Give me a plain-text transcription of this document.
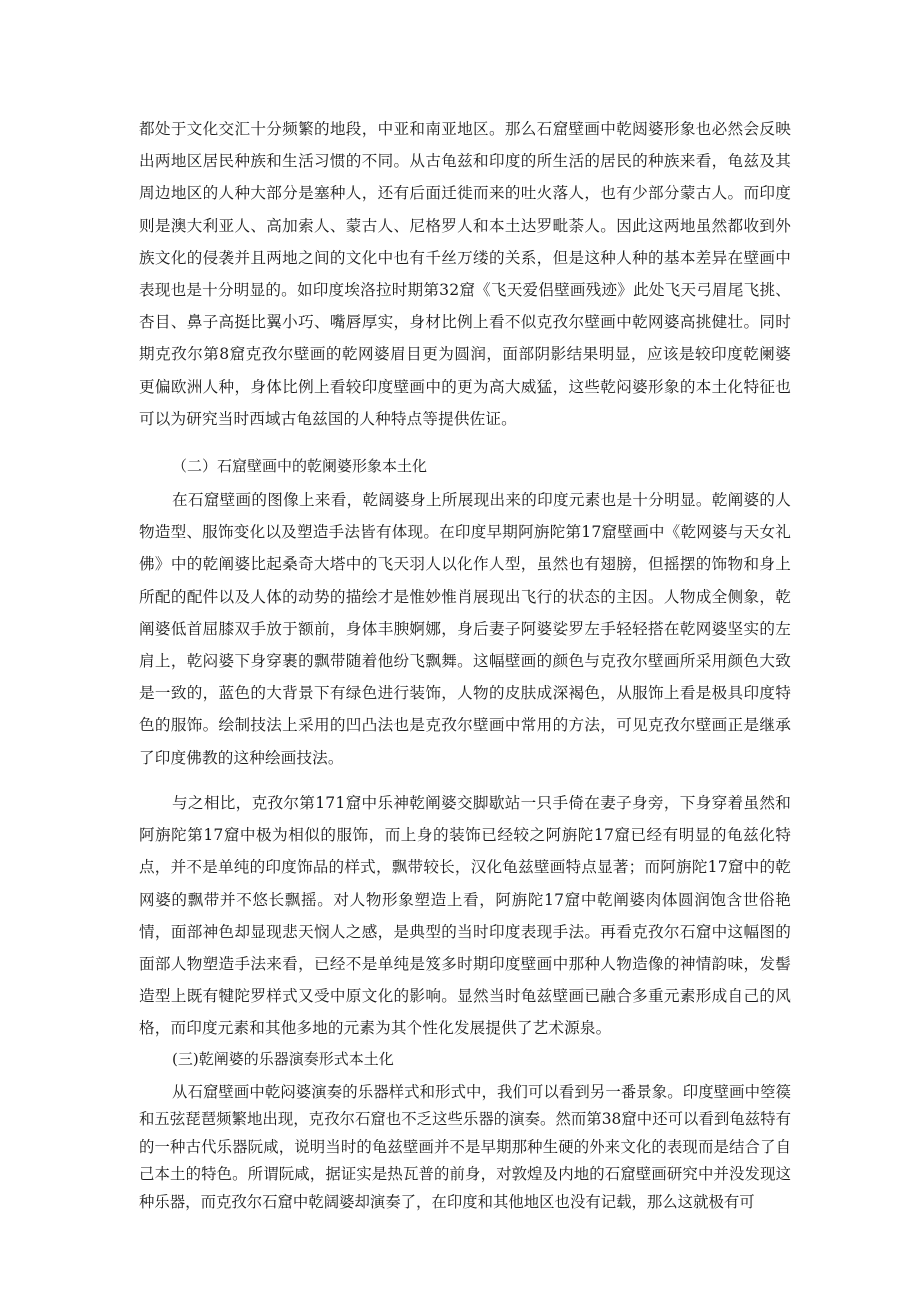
都处于文化交汇十分频繁的地段，中亚和南亚地区。那么石窟壁画中乾闼婆形象也必然会反映出两地区居民种族和生活习惯的不同。从古龟兹和印度的所生活的居民的种族来看，龟兹及其周边地区的人种大部分是塞种人，还有后面迁徙而来的吐火落人，也有少部分蒙古人。而印度则是澳大利亚人、高加索人、蒙古人、尼格罗人和本土达罗毗荼人。因此这两地虽然都收到外族文化的侵袭并且两地之间的文化中也有千丝万缕的关系，但是这种人种的基本差异在壁画中表现也是十分明显的。如印度埃洛拉时期第32窟《飞天爱侣壁画残迹》此处飞天弓眉尾飞挑、杏目、鼻子高挺比翼小巧、嘴唇厚实，身材比例上看不似克孜尔壁画中乾网婆高挑健壮。同时期克孜尔第8窟克孜尔壁画的乾网婆眉目更为圆润，面部阴影结果明显，应该是较印度乾阑婆更偏欧洲人种，身体比例上看较印度壁画中的更为高大威猛，这些乾闷婆形象的本土化特征也可以为研究当时西域古龟兹国的人种特点等提供佐证。

（二）石窟壁画中的乾阑婆形象本土化

在石窟壁画的图像上来看，乾阔婆身上所展现出来的印度元素也是十分明显。乾阐婆的人物造型、服饰变化以及塑造手法皆有体现。在印度早期阿旃陀第17窟壁画中《乾网婆与天女礼佛》中的乾阐婆比起桑奇大塔中的飞天羽人以化作人型，虽然也有翅膀，但摇摆的饰物和身上所配的配件以及人体的动势的描绘才是惟妙惟肖展现出飞行的状态的主因。人物成全侧象，乾阐婆低首屈膝双手放于额前，身体丰腴婀娜，身后妻子阿婆娑罗左手轻轻搭在乾网婆坚实的左肩上，乾闷婆下身穿裹的飘带随着他纷飞飘舞。这幅壁画的颜色与克孜尔壁画所采用颜色大致是一致的，蓝色的大背景下有绿色进行装饰，人物的皮肤成深褐色，从服饰上看是极具印度特色的服饰。绘制技法上采用的凹凸法也是克孜尔壁画中常用的方法，可见克孜尔壁画正是继承了印度佛教的这种绘画技法。

与之相比，克孜尔第171窟中乐神乾阐婆交脚歇站一只手倚在妻子身旁，下身穿着虽然和阿旃陀第17窟中极为相似的服饰，而上身的装饰已经较之阿旃陀17窟已经有明显的龟兹化特点，并不是单纯的印度饰品的样式，飘带较长，汉化龟兹壁画特点显著；而阿旃陀17窟中的乾网婆的飘带并不悠长飘摇。对人物形象塑造上看，阿旃陀17窟中乾阐婆肉体圆润饱含世俗艳情，面部神色却显现悲天悯人之感，是典型的当时印度表现手法。再看克孜尔石窟中这幅图的面部人物塑造手法来看，已经不是单纯是笈多时期印度壁画中那种人物造像的神情韵味，发髻造型上既有犍陀罗样式又受中原文化的影响。显然当时龟兹壁画已融合多重元素形成自己的风格，而印度元素和其他多地的元素为其个性化发展提供了艺术源泉。

(三)乾阐婆的乐器演奏形式本土化

从石窟壁画中乾闷婆演奏的乐器样式和形式中，我们可以看到另一番景象。印度壁画中箜篌和五弦琵琶频繁地出现，克孜尔石窟也不乏这些乐器的演奏。然而第38窟中还可以看到龟兹特有的一种古代乐器阮咸，说明当时的龟兹壁画并不是早期那种生硬的外来文化的表现而是结合了自己本土的特色。所谓阮咸，据证实是热瓦普的前身，对敦煌及内地的石窟壁画研究中并没发现这种乐器，而克孜尔石窟中乾阔婆却演奏了，在印度和其他地区也没有记载，那么这就极有可
